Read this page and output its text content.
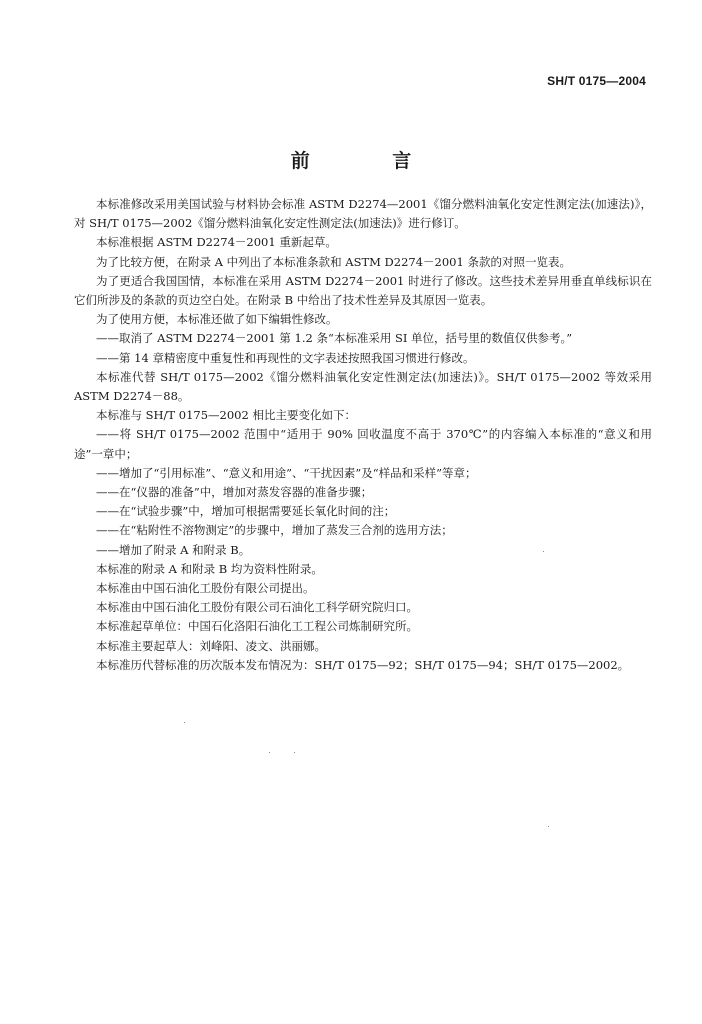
SH/T 0175—2004
前 言

本标准修改采用美国试验与材料协会标准 ASTM D2274—2001《馏分燃料油氧化安定性测定法(加速法)》，对 SH/T 0175—2002《馏分燃料油氧化安定性测定法(加速法)》进行修订。

本标准根据 ASTM D2274－2001 重新起草。

为了比较方便，在附录 A 中列出了本标准条款和 ASTM D2274－2001 条款的对照一览表。

为了更适合我国国情，本标准在采用 ASTM D2274－2001 时进行了修改。这些技术差异用垂直单线标识在它们所涉及的条款的页边空白处。在附录 B 中给出了技术性差异及其原因一览表。

为了使用方便，本标准还做了如下编辑性修改。

——取消了 ASTM D2274－2001 第 1.2 条“本标准采用 SI 单位，括号里的数值仅供参考。”

——第 14 章精密度中重复性和再现性的文字表述按照我国习惯进行修改。

本标准代替 SH/T 0175—2002《馏分燃料油氧化安定性测定法(加速法)》。SH/T 0175—2002 等效采用 ASTM D2274－88。

本标准与 SH/T 0175—2002 相比主要变化如下：

——将 SH/T 0175—2002 范围中“适用于 90% 回收温度不高于 370℃”的内容编入本标准的“意义和用途”一章中；

——增加了“引用标准”、“意义和用途”、“干扰因素”及“样品和采样”等章；

——在“仪器的准备”中，增加对蒸发容器的准备步骤；

——在“试验步骤”中，增加可根据需要延长氧化时间的注；

——在“粘附性不溶物测定”的步骤中，增加了蒸发三合剂的选用方法；

——增加了附录 A 和附录 B。

本标准的附录 A 和附录 B 均为资料性附录。

本标准由中国石油化工股份有限公司提出。

本标准由中国石油化工股份有限公司石油化工科学研究院归口。

本标准起草单位：中国石化洛阳石油化工工程公司炼制研究所。

本标准主要起草人：刘峰阳、凌文、洪丽娜。

本标准历代替标准的历次版本发布情况为：SH/T 0175—92；SH/T 0175—94；SH/T 0175—2002。
